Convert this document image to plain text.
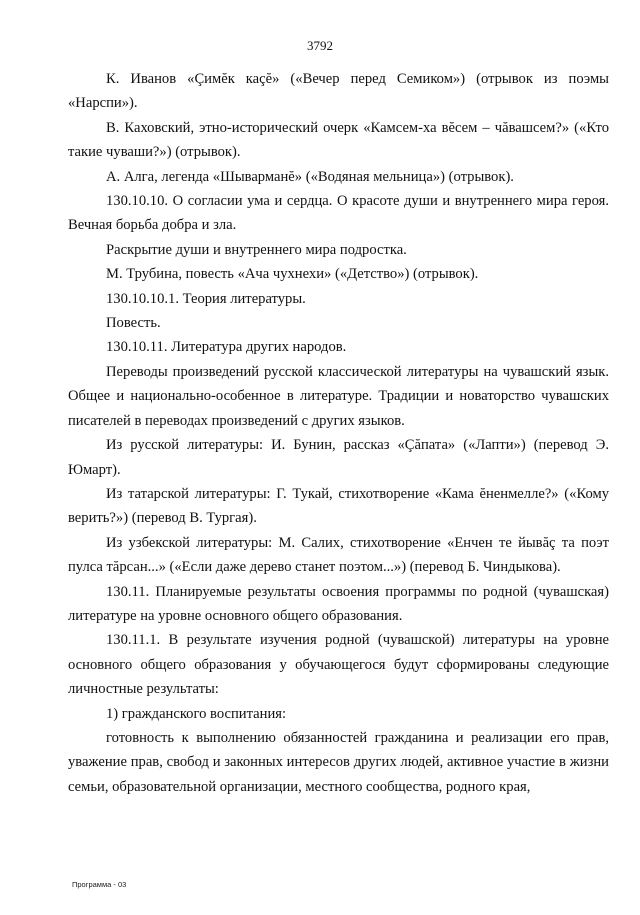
3792

К. Иванов «Çимĕк каçĕ» («Вечер перед Семиком») (отрывок из поэмы «Нарспи»).

В. Каховский, этно-исторический очерк «Камсем-ха вĕсем – чăвашсем?» («Кто такие чуваши?») (отрывок).

А. Алга, легенда «Шыварманĕ» («Водяная мельница») (отрывок).

130.10.10. О согласии ума и сердца. О красоте души и внутреннего мира героя. Вечная борьба добра и зла.

Раскрытие души и внутреннего мира подростка.

М. Трубина, повесть «Ача чухнехи» («Детство») (отрывок).

130.10.10.1. Теория литературы.

Повесть.

130.10.11. Литература других народов.

Переводы произведений русской классической литературы на чувашский язык. Общее и национально-особенное в литературе. Традиции и новаторство чувашских писателей в переводах произведений с других языков.

Из русской литературы: И. Бунин, рассказ «Çăпата» («Лапти») (перевод Э. Юмарт).

Из татарской литературы: Г. Тукай, стихотворение «Кама ĕненмелле?» («Кому верить?») (перевод В. Тургая).

Из узбекской литературы: М. Салих, стихотворение «Енчен те йывăç та поэт пулса тăрсан...» («Если даже дерево станет поэтом...») (перевод Б. Чиндыкова).

130.11. Планируемые результаты освоения программы по родной (чувашская) литературе на уровне основного общего образования.

130.11.1. В результате изучения родной (чувашской) литературы на уровне основного общего образования у обучающегося будут сформированы следующие личностные результаты:

1) гражданского воспитания:

готовность к выполнению обязанностей гражданина и реализации его прав, уважение прав, свобод и законных интересов других людей, активное участие в жизни семьи, образовательной организации, местного сообщества, родного края,

Программа - 03
